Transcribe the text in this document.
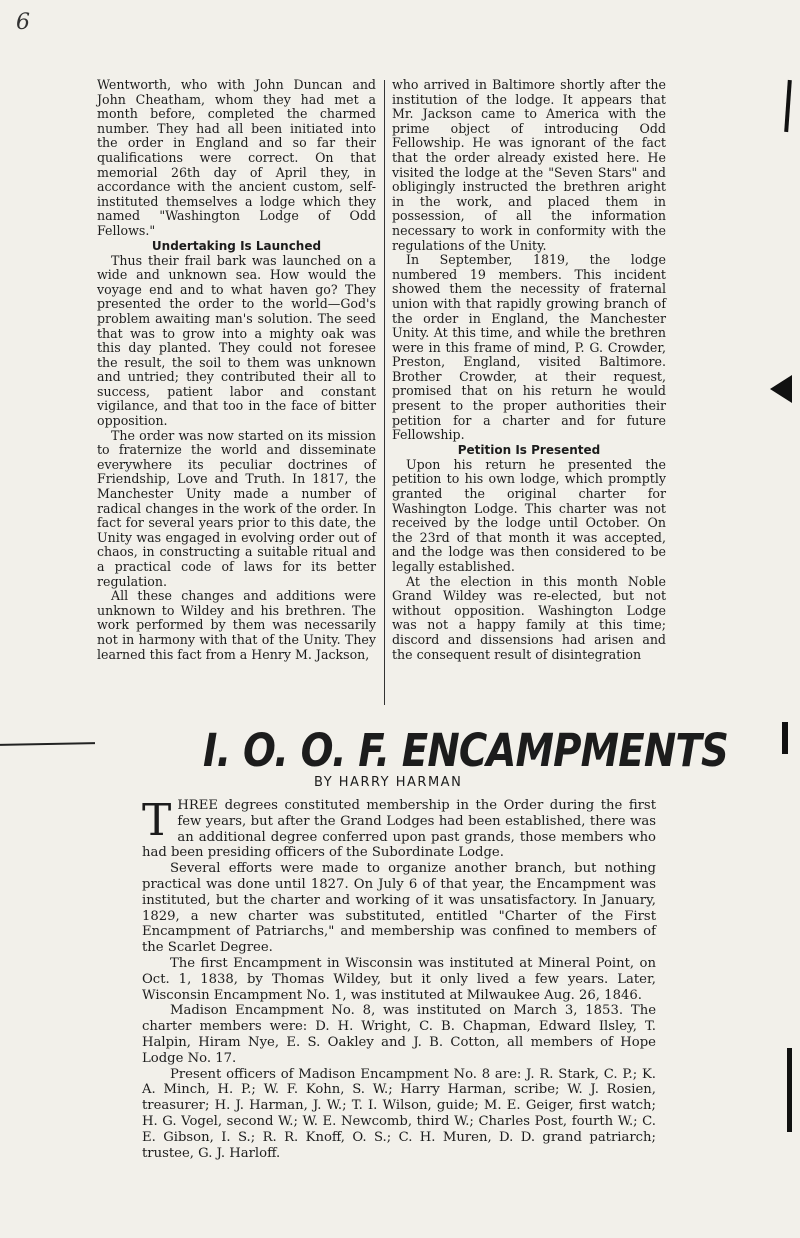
6

Wentworth, who with John Duncan and John Cheatham, whom they had met a month before, completed the charmed number. They had all been initiated into the order in England and so far their qualifications were correct. On that memorial 26th day of April they, in accordance with the ancient custom, self-instituted themselves a lodge which they named "Washington Lodge of Odd Fellows."

Undertaking Is Launched

Thus their frail bark was launched on a wide and unknown sea. How would the voyage end and to what haven go? They presented the order to the world—God's problem awaiting man's solution. The seed that was to grow into a mighty oak was this day planted. They could not foresee the result, the soil to them was unknown and untried; they contributed their all to success, patient labor and constant vigilance, and that too in the face of bitter opposition.

The order was now started on its mission to fraternize the world and disseminate everywhere its peculiar doctrines of Friendship, Love and Truth. In 1817, the Manchester Unity made a number of radical changes in the work of the order. In fact for several years prior to this date, the Unity was engaged in evolving order out of chaos, in constructing a suitable ritual and a practical code of laws for its better regulation.

All these changes and additions were unknown to Wildey and his brethren. The work performed by them was necessarily not in harmony with that of the Unity. They learned this fact from a Henry M. Jackson,

who arrived in Baltimore shortly after the institution of the lodge. It appears that Mr. Jackson came to America with the prime object of introducing Odd Fellowship. He was ignorant of the fact that the order already existed here. He visited the lodge at the "Seven Stars" and obligingly instructed the brethren aright in the work, and placed them in possession, of all the information necessary to work in conformity with the regulations of the Unity.

In September, 1819, the lodge numbered 19 members. This incident showed them the necessity of fraternal union with that rapidly growing branch of the order in England, the Manchester Unity. At this time, and while the brethren were in this frame of mind, P. G. Crowder, Preston, England, visited Baltimore. Brother Crowder, at their request, promised that on his return he would present to the proper authorities their petition for a charter and for future Fellowship.

Petition Is Presented

Upon his return he presented the petition to his own lodge, which promptly granted the original charter for Washington Lodge. This charter was not received by the lodge until October. On the 23rd of that month it was accepted, and the lodge was then considered to be legally established.

At the election in this month Noble Grand Wildey was re-elected, but not without opposition. Washington Lodge was not a happy family at this time; discord and dissensions had arisen and the consequent result of disintegration

I. O. O. F. ENCAMPMENTS
BY HARRY HARMAN

THREE degrees constituted membership in the Order during the first few years, but after the Grand Lodges had been established, there was an additional degree conferred upon past grands, those members who had been presiding officers of the Subordinate Lodge.

Several efforts were made to organize another branch, but nothing practical was done until 1827. On July 6 of that year, the Encampment was instituted, but the charter and working of it was unsatisfactory. In January, 1829, a new charter was substituted, entitled "Charter of the First Encampment of Patriarchs," and membership was confined to members of the Scarlet Degree.

The first Encampment in Wisconsin was instituted at Mineral Point, on Oct. 1, 1838, by Thomas Wildey, but it only lived a few years. Later, Wisconsin Encampment No. 1, was instituted at Milwaukee Aug. 26, 1846.

Madison Encampment No. 8, was instituted on March 3, 1853. The charter members were: D. H. Wright, C. B. Chapman, Edward Ilsley, T. Halpin, Hiram Nye, E. S. Oakley and J. B. Cotton, all members of Hope Lodge No. 17.

Present officers of Madison Encampment No. 8 are: J. R. Stark, C. P.; K. A. Minch, H. P.; W. F. Kohn, S. W.; Harry Harman, scribe; W. J. Rosien, treasurer; H. J. Harman, J. W.; T. I. Wilson, guide; M. E. Geiger, first watch; H. G. Vogel, second W.; W. E. Newcomb, third W.; Charles Post, fourth W.; C. E. Gibson, I. S.; R. R. Knoff, O. S.; C. H. Muren, D. D. grand patriarch; trustee, G. J. Harloff.
